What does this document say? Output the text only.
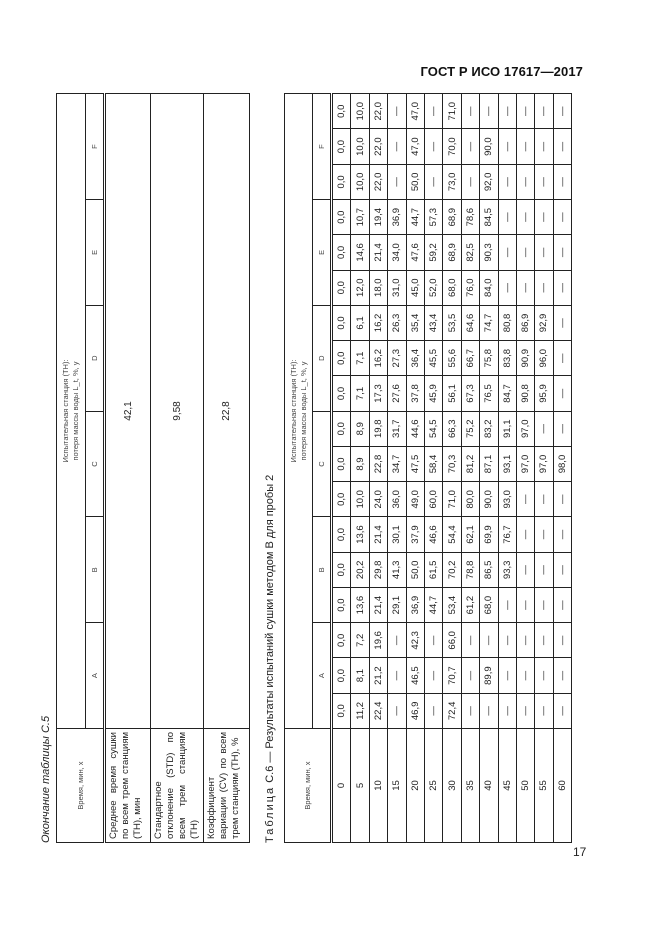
ГОСТ Р ИСО 17617—2017
Окончание таблицы С.5	Время, мин, x	Испытательная станция (TH): потеря массы воды L_t, %, y					

	A	B	C	D	E	F
Среднее время сушки по всем трем станциям (TH), мин	42,1					
Стандартное отклонение (STD) по всем трем станциям (TH)	9,58					
Коэффициент вариации (CV) по всем трем станциям (TH), %	22,8					
Таблица С.6 — Результаты испытаний сушки методом В для пробы 2
Время, мин, x	Испытательная станция (TH): потеря массы воды L_t, %, y																	

	A			B			C			D			E			F		
0	0,0	0,0	0,0	0,0	0,0	0,0	0,0	0,0	0,0	0,0	0,0	0,0	0,0	0,0	0,0	0,0	0,0	0,0
5	11,2	8,1	7,2	13,6	20,2	13,6	10,0	8,9	8,9	7,1	7,1	6,1	12,0	14,6	10,7	10,0	10,0	10,0
10	22,4	21,2	19,6	21,4	29,8	21,4	24,0	22,8	19,8	17,3	16,2	16,2	18,0	21,4	19,4	22,0	22,0	22,0
15	—	—	—	29,1	41,3	30,1	36,0	34,7	31,7	27,6	27,3	26,3	31,0	34,0	36,9	—	—	—
20	46,9	46,5	42,3	36,9	50,0	37,9	49,0	47,5	44,6	37,8	36,4	35,4	45,0	47,6	44,7	50,0	47,0	47,0
25	—	—	—	44,7	61,5	46,6	60,0	58,4	54,5	45,9	45,5	43,4	52,0	59,2	57,3	—	—	—
30	72,4	70,7	66,0	53,4	70,2	54,4	71,0	70,3	66,3	56,1	55,6	53,5	68,0	68,9	68,9	73,0	70,0	71,0
35	—	—	—	61,2	78,8	62,1	80,0	81,2	75,2	67,3	66,7	64,6	76,0	82,5	78,6	—	—	—
40	—	89,9	—	68,0	86,5	69,9	90,0	87,1	83,2	76,5	75,8	74,7	84,0	90,3	84,5	92,0	90,0	—
45	—	—	—	—	93,3	76,7	93,0	93,1	91,1	84,7	83,8	80,8	—	—	—	—	—	—
50	—	—	—	—	—	—	—	97,0	97,0	90,8	90,9	86,9	—	—	—	—	—	—
55	—	—	—	—	—	—	—	97,0	—	95,9	96,0	92,9	—	—	—	—	—	—
60	—	—	—	—	—	—	—	98,0	—	—	—	—	—	—	—	—	—	—
17
